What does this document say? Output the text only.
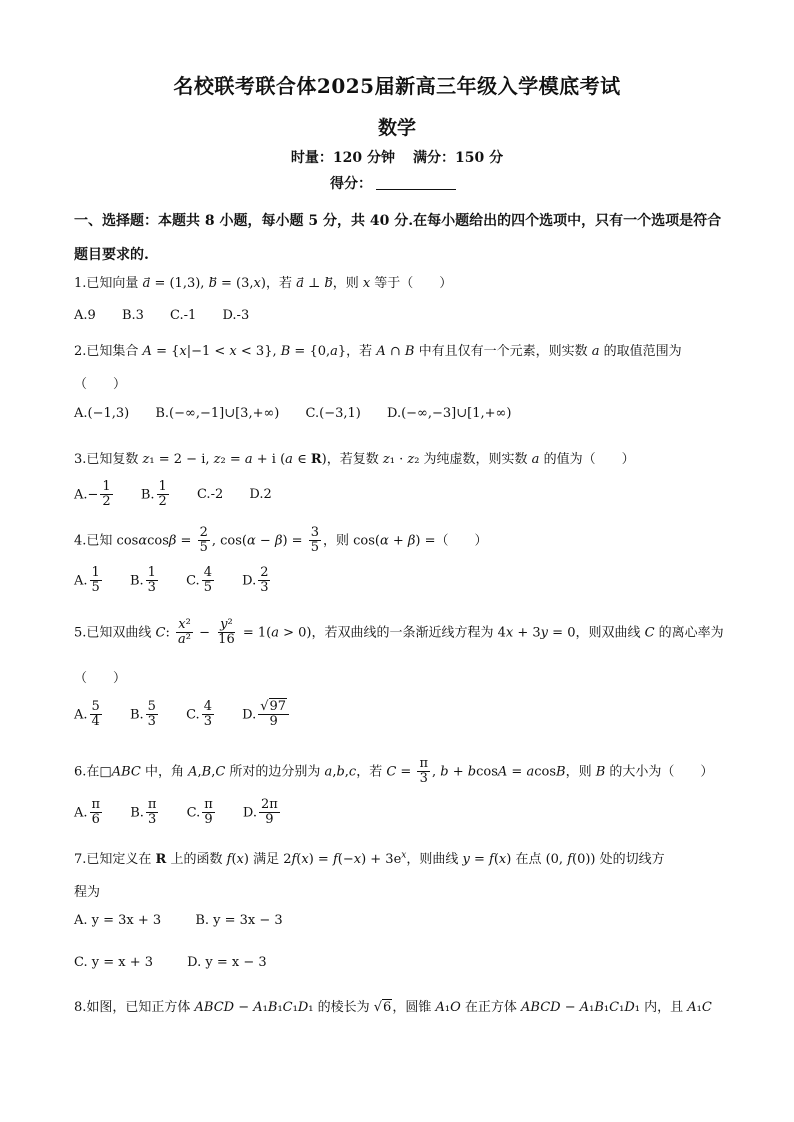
名校联考联合体2025届新高三年级入学模底考试
数学
时量：120 分钟 满分：150 分
得分：
一、选择题：本题共 8 小题，每小题 5 分，共 40 分.在每小题给出的四个选项中，只有一个选项是符合题目要求的.
1.已知向量 a⃗ = (1,3), b⃗ = (3,x)，若 a⃗ ⊥ b⃗，则 x 等于（　　）
A.9 B.3 C.-1 D.-3
2.已知集合 A = {x|−1 < x < 3}, B = {0,a}，若 A ∩ B 中有且仅有一个元素，则实数 a 的取值范围为
（　　）
A.(−1,3) B.(−∞,−1]∪[3,+∞) C.(−3,1) D.(−∞,−3]∪[1,+∞)
3.已知复数 z₁ = 2 − i, z₂ = a + i (a ∈ R)，若复数 z₁ · z₂ 为纯虚数，则实数 a 的值为（　　）
$A.- \frac{1}{2} B$. $\frac{1}{2} C.-2$ D.2
4.已知 $\cos\alpha\cos\beta = \frac{2}{5}$ , $\cos(\alpha - \beta) = \frac{3}{5}$ ，则 cos(α + β) =（　　）
A. $\frac{1}{5} B$. $\frac{1}{3} C$. $\frac{4}{5} D$. $\frac{2}{3}$
5.已知双曲线 C: $\frac{\text{x²}}{\text{a²}} - \frac{\text{y²}}{16} = 1(a > 0)$，若双曲线的一条渐近线方程为 4x + 3y = 0，则双曲线 C 的离心率为
（　　）
A. $\frac{5}{4} B$. $\frac{5}{3} C$. $\frac{4}{3} D$. $\frac{√97}{9}$
6.在□ABC 中，角 A,B,C 所对的边分别为 a,b,c，若 $C = \frac{\pi}{3}$ , b + bcosA = acosB，则 B 的大小为（　　）
A. $\frac{\pi}{6} B$. $\frac{\pi}{3} C$. $\frac{\pi}{9} D$. $\frac{2\pi}{9}$
7.已知定义在 R 上的函数 f(x) 满足 $2f(x) = f(-x) + 3e^x$，则曲线 y = f(x) 在点 (0, f(0)) 处的切线方
程为
A. y = 3x + 3	B. y = 3x − 3
C. y = x + 3	D. y = x − 3
8.如图，已知正方体 ABCD − A₁B₁C₁D₁ 的棱长为 √6，圆锥 A₁O 在正方体 ABCD − A₁B₁C₁D₁ 内，且 A₁C
